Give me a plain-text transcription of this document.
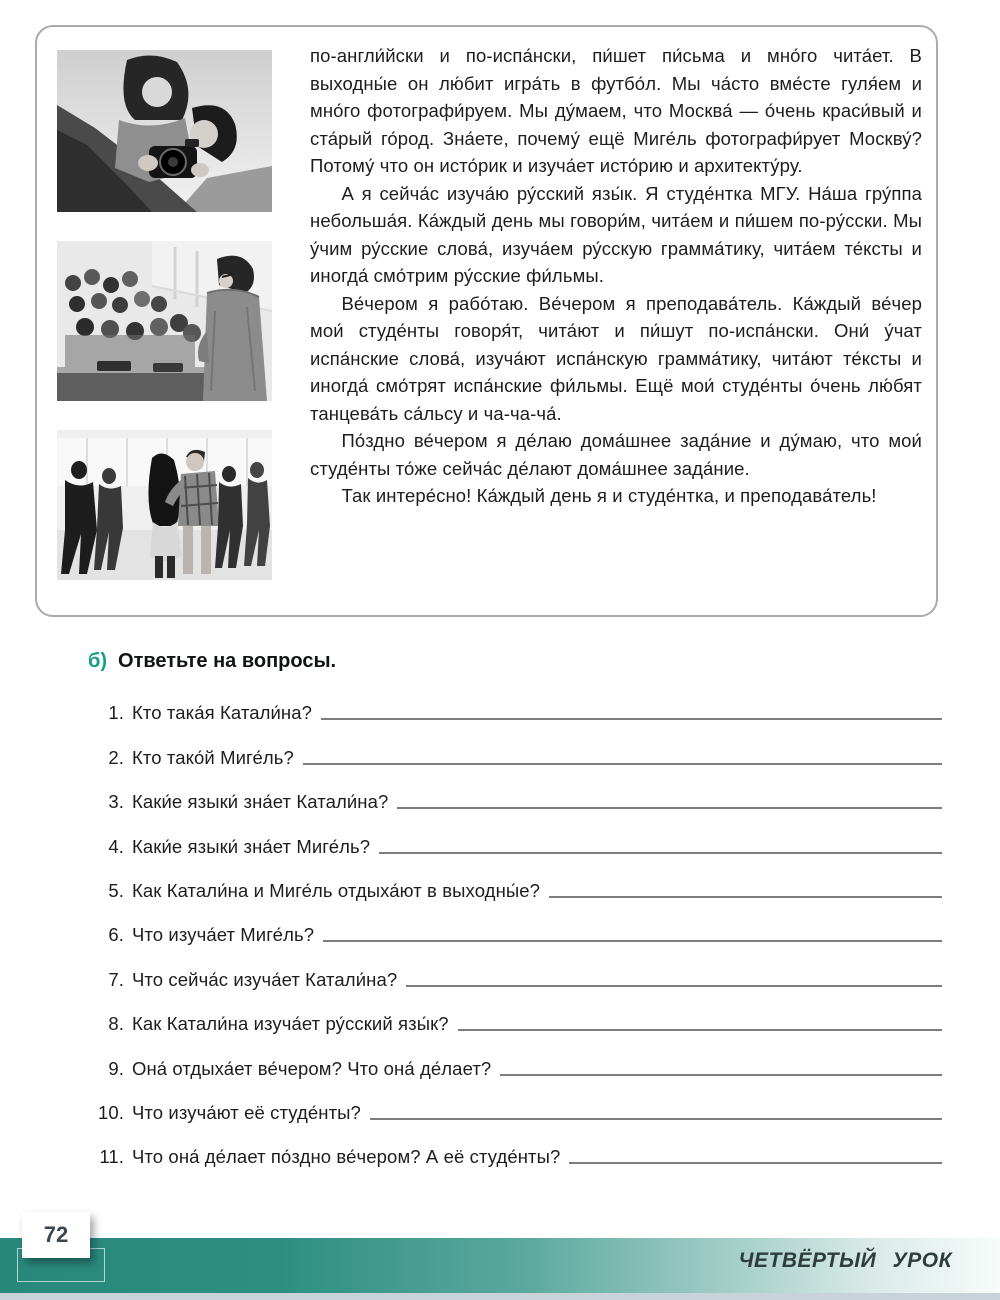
по-англи́йски и по-испа́нски, пи́шет пи́сьма и мно́го чита́ет. В выходны́е он лю́бит игра́ть в футбо́л. Мы ча́сто вме́сте гуля́ем и мно́го фотографи́руем. Мы ду́маем, что Москва́ — о́чень краси́вый и ста́рый го́род. Зна́ете, почему́ ещё Миге́ль фотографи́рует Москву́? Потому́ что он исто́рик и изуча́ет исто́рию и архитекту́ру.

А я сейча́с изуча́ю ру́сский язы́к. Я студе́нтка МГУ. На́ша гру́ппа небольша́я. Ка́ждый день мы говори́м, чита́ем и пи́шем по-ру́сски. Мы у́чим ру́сские слова́, изуча́ем ру́сскую грамма́тику, чита́ем те́ксты и иногда́ смо́трим ру́сские фи́льмы.

Ве́чером я рабо́таю. Ве́чером я преподава́тель. Ка́ждый ве́чер мои́ студе́нты говоря́т, чита́ют и пи́шут по-испа́нски. Они́ у́чат испа́нские слова́, изуча́ют испа́нскую грамма́тику, чита́ют те́ксты и иногда́ смо́трят испа́нские фи́льмы. Ещё мои́ студе́нты о́чень лю́бят танцева́ть са́льсу и ча-ча-ча́.

По́здно ве́чером я де́лаю дома́шнее зада́ние и ду́маю, что мои́ студе́нты то́же сейча́с де́лают дома́шнее зада́ние.

Так интере́сно! Ка́ждый день я и студе́нтка, и преподава́тель!

б) Ответьте на вопросы.
1. Кто така́я Катали́на?
2. Кто тако́й Миге́ль?
3. Каки́е языки́ зна́ет Катали́на?
4. Каки́е языки́ зна́ет Миге́ль?
5. Как Катали́на и Миге́ль отдыха́ют в выходны́е?
6. Что изуча́ет Миге́ль?
7. Что сейча́с изуча́ет Катали́на?
8. Как Катали́на изуча́ет ру́сский язы́к?
9. Она́ отдыха́ет ве́чером? Что она́ де́лает?
10. Что изуча́ют её студе́нты?
11. Что она́ де́лает по́здно ве́чером? А её студе́нты?
ЧЕТВЁРТЫЙ УРОК
72
